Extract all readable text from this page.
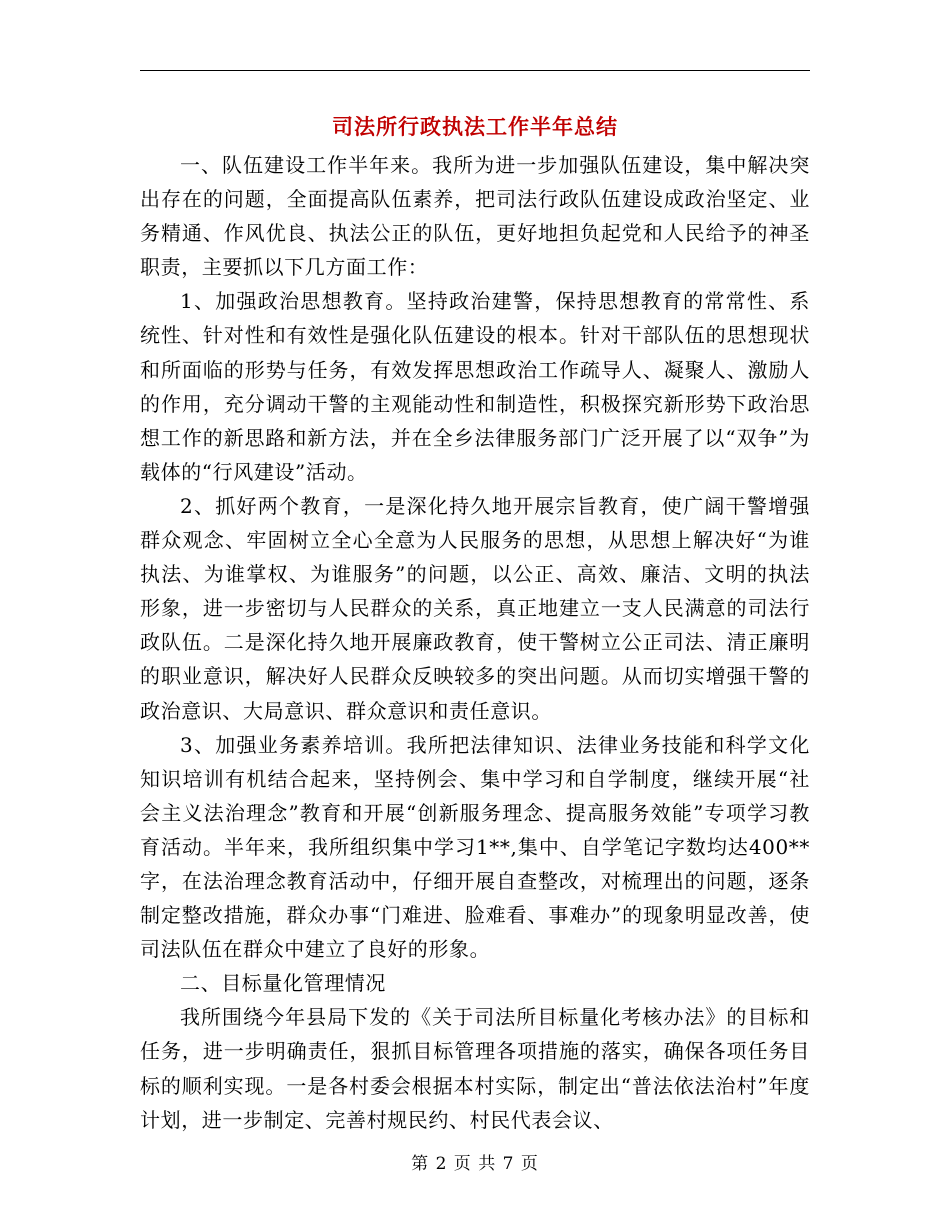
司法所行政执法工作半年总结

一、队伍建设工作半年来。我所为进一步加强队伍建设，集中解决突出存在的问题，全面提高队伍素养，把司法行政队伍建设成政治坚定、业务精通、作风优良、执法公正的队伍，更好地担负起党和人民给予的神圣职责，主要抓以下几方面工作：

1、加强政治思想教育。坚持政治建警，保持思想教育的常常性、系统性、针对性和有效性是强化队伍建设的根本。针对干部队伍的思想现状和所面临的形势与任务，有效发挥思想政治工作疏导人、凝聚人、激励人的作用，充分调动干警的主观能动性和制造性，积极探究新形势下政治思想工作的新思路和新方法，并在全乡法律服务部门广泛开展了以“双争”为载体的“行风建设”活动。

2、抓好两个教育，一是深化持久地开展宗旨教育，使广阔干警增强群众观念、牢固树立全心全意为人民服务的思想，从思想上解决好“为谁执法、为谁掌权、为谁服务”的问题，以公正、高效、廉洁、文明的执法形象，进一步密切与人民群众的关系，真正地建立一支人民满意的司法行政队伍。二是深化持久地开展廉政教育，使干警树立公正司法、清正廉明的职业意识，解决好人民群众反映较多的突出问题。从而切实增强干警的政治意识、大局意识、群众意识和责任意识。

3、加强业务素养培训。我所把法律知识、法律业务技能和科学文化知识培训有机结合起来，坚持例会、集中学习和自学制度，继续开展“社会主义法治理念”教育和开展“创新服务理念、提高服务效能”专项学习教育活动。半年来，我所组织集中学习1**,集中、自学笔记字数均达400**字，在法治理念教育活动中，仔细开展自查整改，对梳理出的问题，逐条制定整改措施，群众办事“门难进、脸难看、事难办”的现象明显改善，使司法队伍在群众中建立了良好的形象。

二、目标量化管理情况

我所围绕今年县局下发的《关于司法所目标量化考核办法》的目标和任务，进一步明确责任，狠抓目标管理各项措施的落实，确保各项任务目标的顺利实现。一是各村委会根据本村实际，制定出“普法依法治村”年度计划，进一步制定、完善村规民约、村民代表会议、

第 2 页 共 7 页
